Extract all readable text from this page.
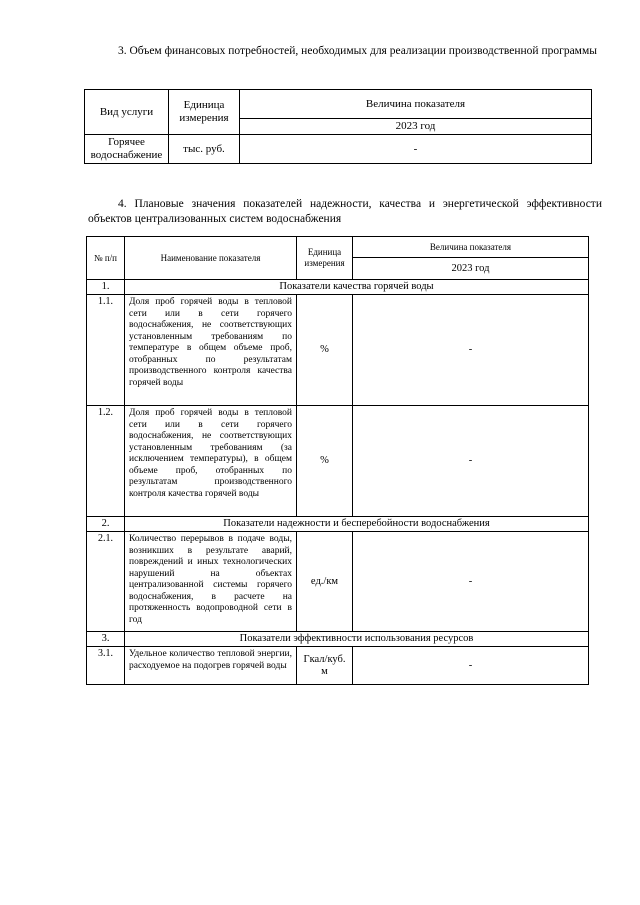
3. Объем финансовых потребностей, необходимых для реализации производственной программы
Вид услуги	Единица измерения	Величина показателя
		2023 год
Горячее водоснабжение	тыс. руб.	-
4. Плановые значения показателей надежности, качества и энергетической эффективности объектов централизованных систем водоснабжения
№ п/п	Наименование показателя	Единица измерения	Величина показателя
			2023 год
1.	Показатели качества горячей воды		
1.1.	Доля проб горячей воды в тепловой сети или в сети горячего водоснабжения, не соответствующих установленным требованиям по температуре в общем объеме проб, отобранных по результатам производственного контроля качества горячей воды	%	-
1.2.	Доля проб горячей воды в тепловой сети или в сети горячего водоснабжения, не соответствующих установленным требованиям (за исключением температуры), в общем объеме проб, отобранных по результатам производственного контроля качества горячей воды	%	-
2.	Показатели надежности и бесперебойности водоснабжения		
2.1.	Количество перерывов в подаче воды, возникших в результате аварий, повреждений и иных технологических нарушений на объектах централизованной системы горячего водоснабжения, в расчете на протяженность водопроводной сети в год	ед./км	-
3.	Показатели эффективности использования ресурсов		
3.1.	Удельное количество тепловой энергии, расходуемое на подогрев горячей воды	Гкал/куб. м	-
